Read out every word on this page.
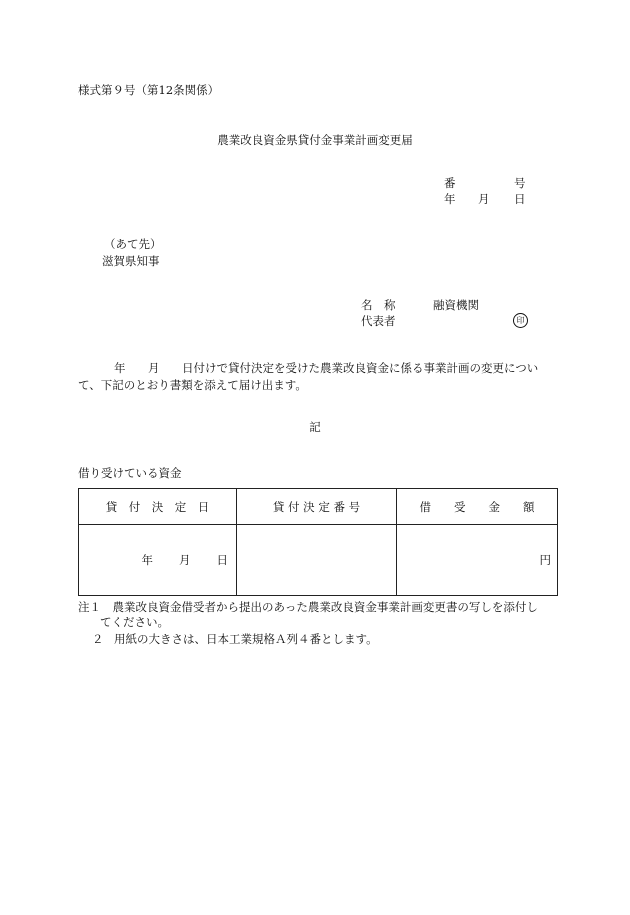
様式第９号（第12条関係）
農業改良資金県貸付金事業計画変更届
番	号
年 月 日
（あて先）
滋賀県知事
名　称	融資機関
代表者	印
年 月 日付けで貸付決定を受けた農業改良資金に係る事業計画の変更について、下記のとおり書類を添えて届け出ます。
記
借り受けている資金
貸　付　決　定　日	貸 付 決 定 番 号	借　　受　　金　　額
年 月 日		円
注１　 農業改良資金借受者から提出のあった農業改良資金事業計画変更書の写しを添付し
てください。
２ 用紙の大きさは、日本工業規格Ａ列４番とします。
